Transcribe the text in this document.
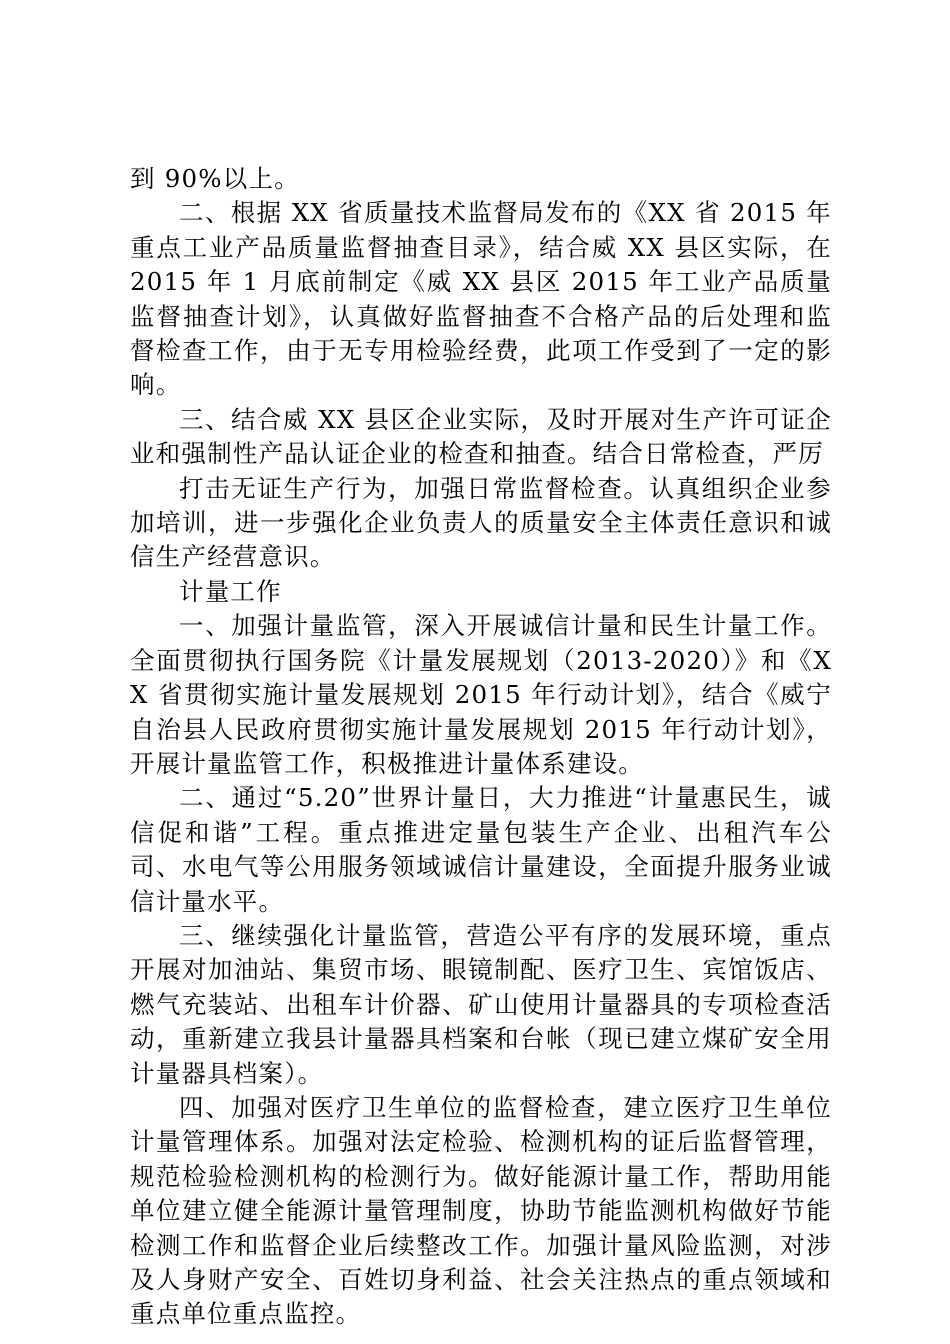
到 90%以上。

二、根据 XX 省质量技术监督局发布的《XX 省 2015 年重点工业产品质量监督抽查目录》，结合威 XX 县区实际，在 2015 年 1 月底前制定《威 XX 县区 2015 年工业产品质量监督抽查计划》，认真做好监督抽查不合格产品的后处理和监督检查工作，由于无专用检验经费，此项工作受到了一定的影响。

三、结合威 XX 县区企业实际，及时开展对生产许可证企业和强制性产品认证企业的检查和抽查。结合日常检查，严厉

打击无证生产行为，加强日常监督检查。认真组织企业参加培训，进一步强化企业负责人的质量安全主体责任意识和诚信生产经营意识。

计量工作

一、加强计量监管，深入开展诚信计量和民生计量工作。全面贯彻执行国务院《计量发展规划（2013-2020）》和《XX 省贯彻实施计量发展规划 2015 年行动计划》，结合《威宁自治县人民政府贯彻实施计量发展规划 2015 年行动计划》，开展计量监管工作，积极推进计量体系建设。

二、通过“5.20”世界计量日，大力推进“计量惠民生，诚信促和谐”工程。重点推进定量包装生产企业、出租汽车公司、水电气等公用服务领域诚信计量建设，全面提升服务业诚信计量水平。

三、继续强化计量监管，营造公平有序的发展环境，重点开展对加油站、集贸市场、眼镜制配、医疗卫生、宾馆饭店、燃气充装站、出租车计价器、矿山使用计量器具的专项检查活动，重新建立我县计量器具档案和台帐（现已建立煤矿安全用计量器具档案）。

四、加强对医疗卫生单位的监督检查，建立医疗卫生单位计量管理体系。加强对法定检验、检测机构的证后监督管理，规范检验检测机构的检测行为。做好能源计量工作，帮助用能单位建立健全能源计量管理制度，协助节能监测机构做好节能检测工作和监督企业后续整改工作。加强计量风险监测，对涉及人身财产安全、百姓切身利益、社会关注热点的重点领域和重点单位重点监控。
